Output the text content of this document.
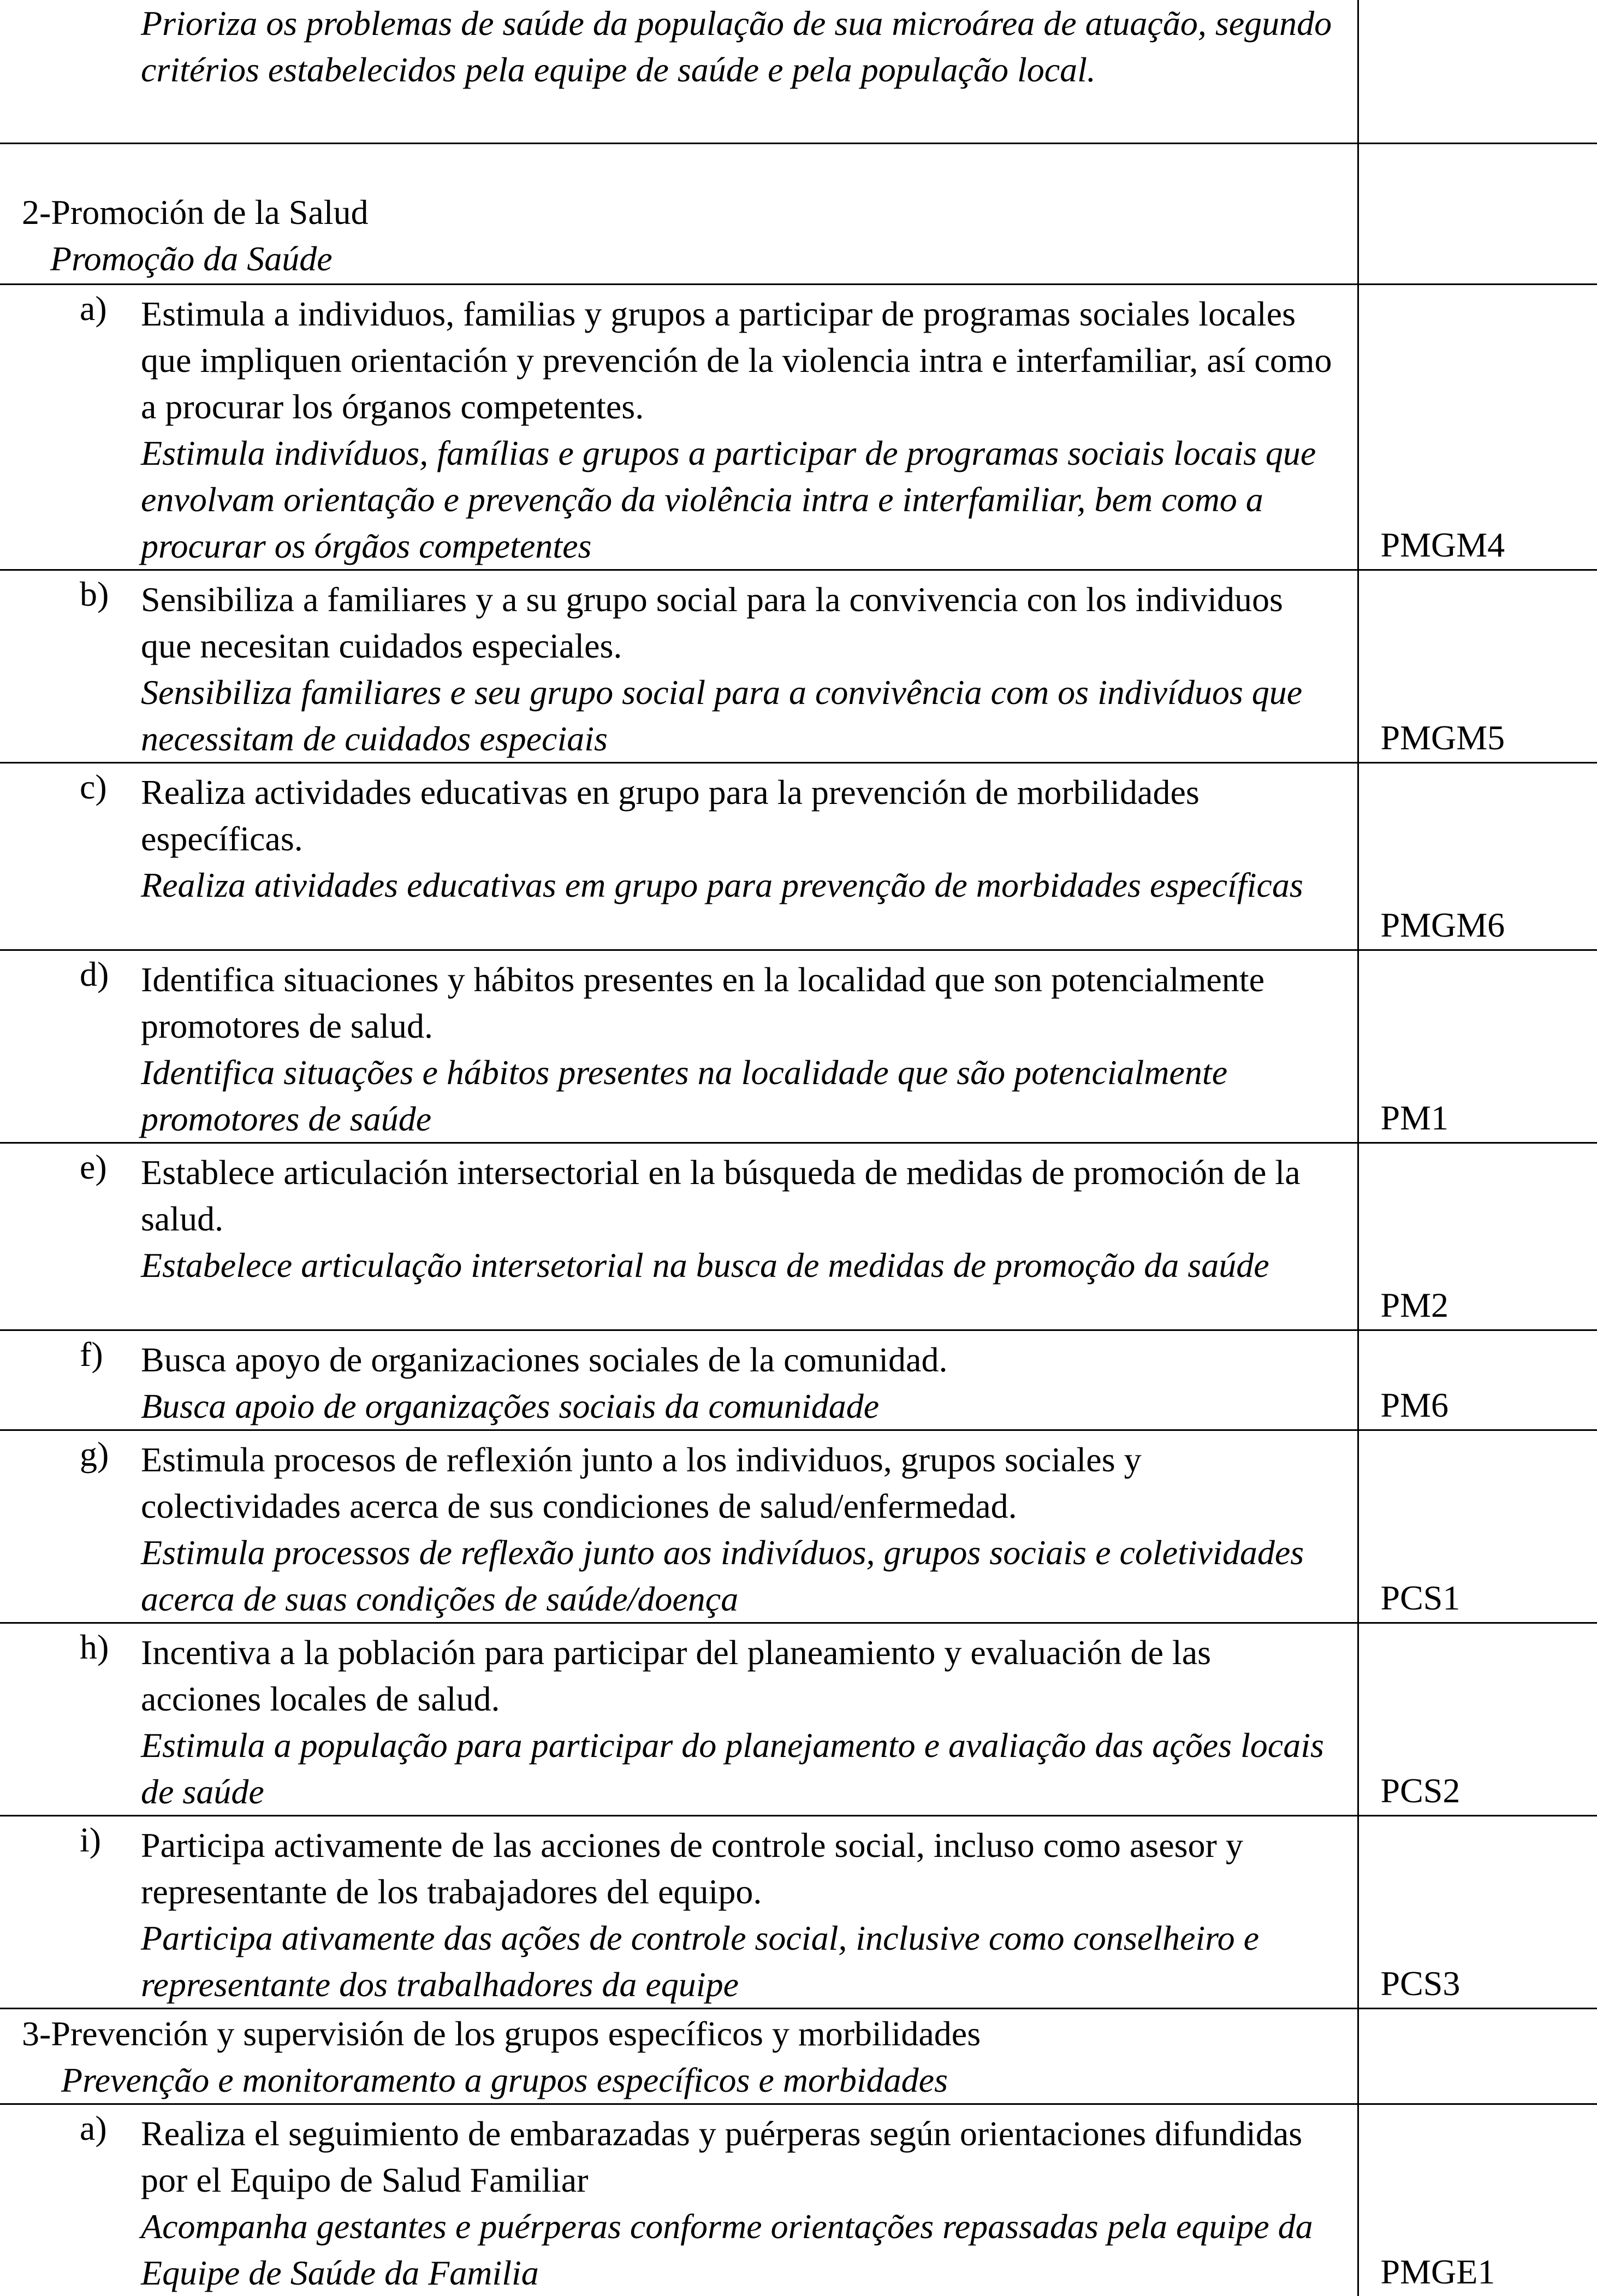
Prioriza os problemas de saúde da população de sua microárea de atuação, segundo critérios estabelecidos pela equipe de saúde e pela população local.	

2-Promoción de la Salud
Promoção da Saúde	

a) Estimula a individuos, familias y grupos a participar de programas sociales locales que impliquen orientación y prevención de la violencia intra e interfamiliar, así como a procurar los órganos competentes.
Estimula indivíduos, famílias e grupos a participar de programas sociais locais que envolvam orientação e prevenção da violência intra e interfamiliar, bem como a procurar os órgãos competentes	PMGM4

b) Sensibiliza a familiares y a su grupo social para la convivencia con los individuos que necesitan cuidados especiales.
Sensibiliza familiares e seu grupo social para a convivência com os indivíduos que necessitam de cuidados especiais	PMGM5

c) Realiza actividades educativas en grupo para la prevención de morbilidades específicas.
Realiza atividades educativas em grupo para prevenção de morbidades específicas	PMGM6

d) Identifica situaciones y hábitos presentes en la localidad que son potencialmente promotores de salud.
Identifica situações e hábitos presentes na localidade que são potencialmente promotores de saúde	PM1

e) Establece articulación intersectorial en la búsqueda de medidas de promoción de la salud.
Estabelece articulação intersetorial na busca de medidas de promoção da saúde	PM2

f) Busca apoyo de organizaciones sociales de la comunidad.
Busca apoio de organizações sociais da comunidade	PM6

g) Estimula procesos de reflexión junto a los individuos, grupos sociales y colectividades acerca de sus condiciones de salud/enfermedad.
Estimula processos de reflexão junto aos indivíduos, grupos sociais e coletividades acerca de suas condições de saúde/doença	PCS1

h) Incentiva a la población para participar del planeamiento y evaluación de las acciones locales de salud.
Estimula a população para participar do planejamento e avaliação das ações locais de saúde	PCS2

i) Participa activamente de las acciones de controle social, incluso como asesor y representante de los trabajadores del equipo.
Participa ativamente das ações de controle social, inclusive como conselheiro e representante dos trabalhadores da equipe	PCS3

3-Prevención y supervisión de los grupos específicos y morbilidades
Prevenção e monitoramento a grupos específicos e morbidades	

a) Realiza el seguimiento de embarazadas y puérperas según orientaciones difundidas por el Equipo de Salud Familiar
Acompanha gestantes e puérperas conforme orientações repassadas pela equipe da Equipe de Saúde da Familia	PMGE1
